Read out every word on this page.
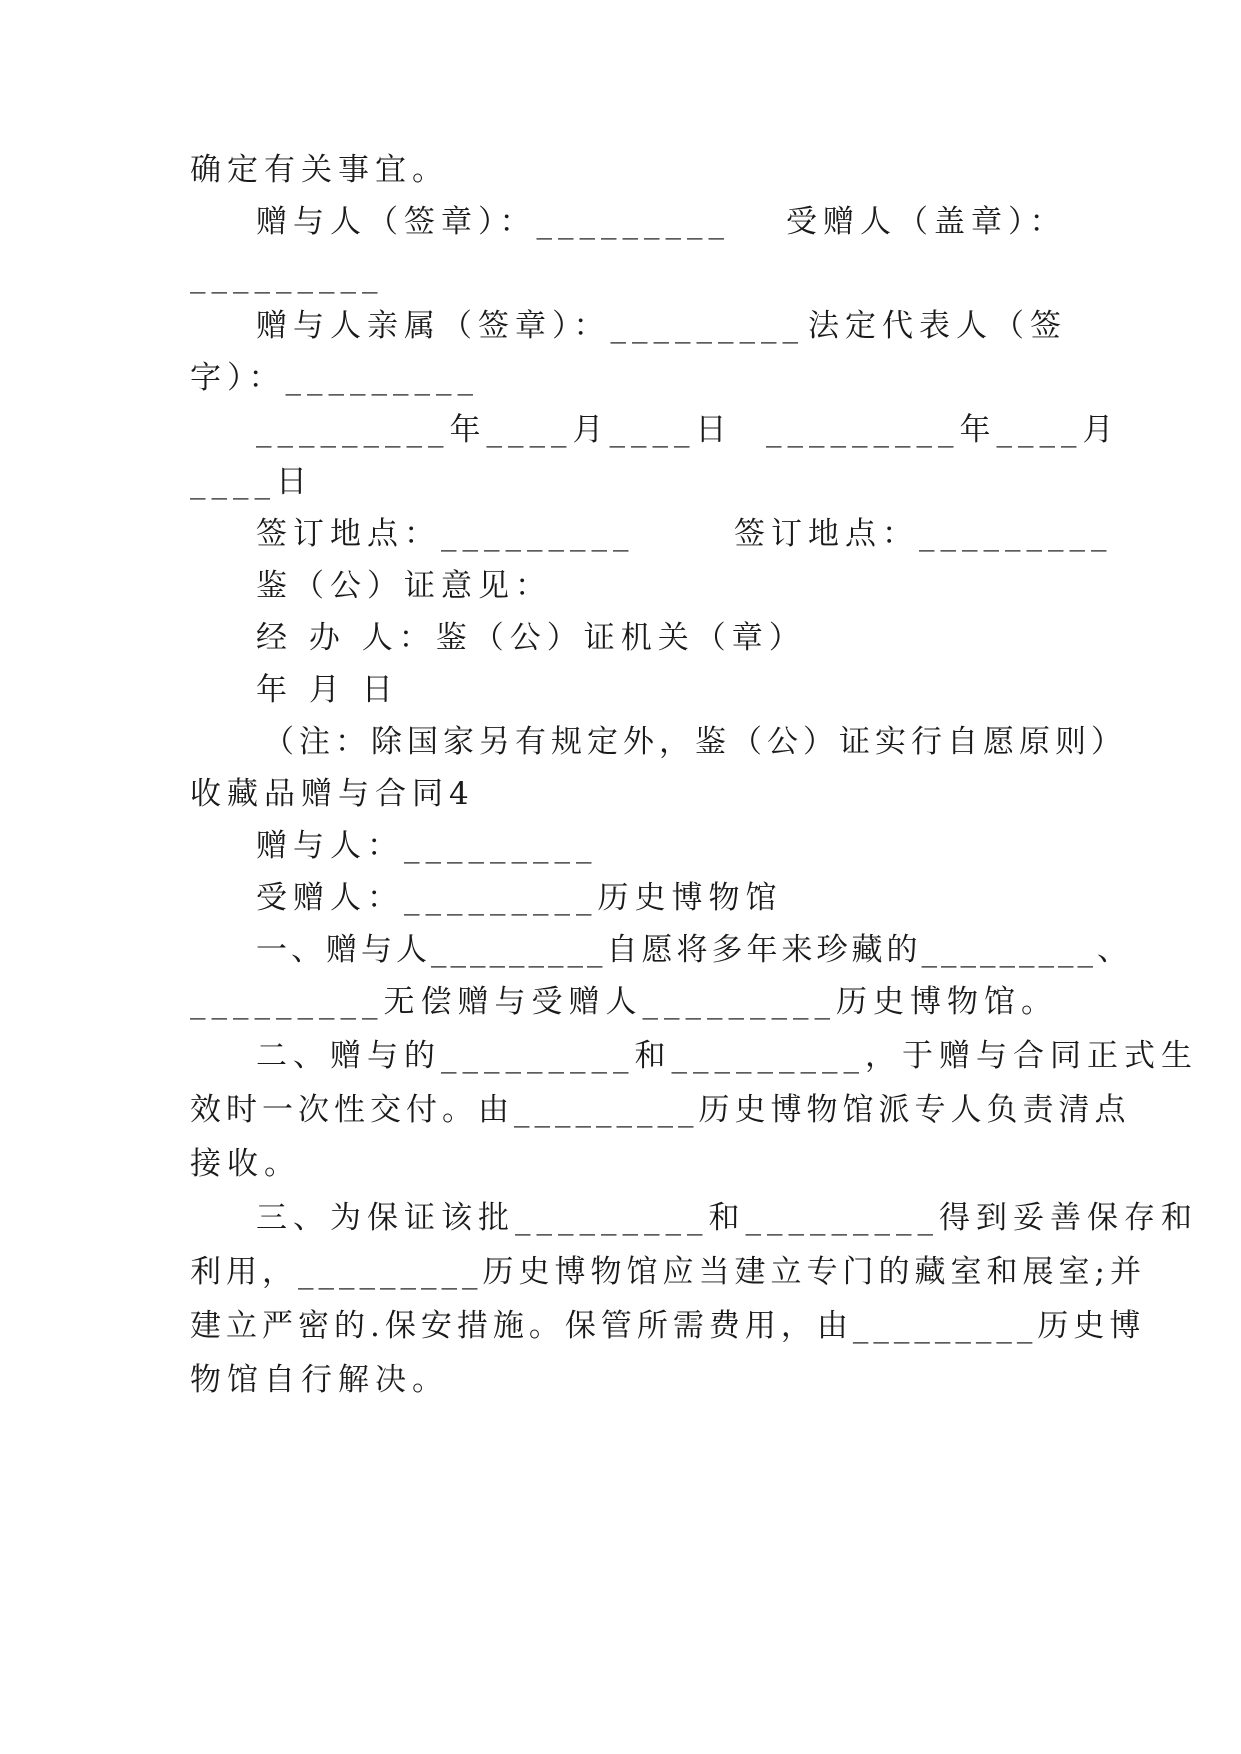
确定有关事宜。

赠与人（签章）：_________ 受赠人（盖章）：

_________

赠与人亲属（签章）：_________ 法定代表人（签

字）：_________

_________年____月____日 _________年____月

____日

签订地点：_________	签订地点：_________

鉴（公）证意见：

经 办 人：鉴（公）证机关（章）

年 月 日

（注：除国家另有规定外，鉴（公）证实行自愿原则）

收藏品赠与合同4

赠与人：_________

受赠人：_________历史博物馆

一、赠与人_________自愿将多年来珍藏的_________、

_________无偿赠与受赠人_________历史博物馆。

二、赠与的_________和_________，于赠与合同正式生

效时一次性交付。由_________历史博物馆派专人负责清点

接收。

三、为保证该批_________和_________得到妥善保存和

利用，_________历史博物馆应当建立专门的藏室和展室;并

建立严密的.保安措施。保管所需费用，由_________历史博

物馆自行解决。
